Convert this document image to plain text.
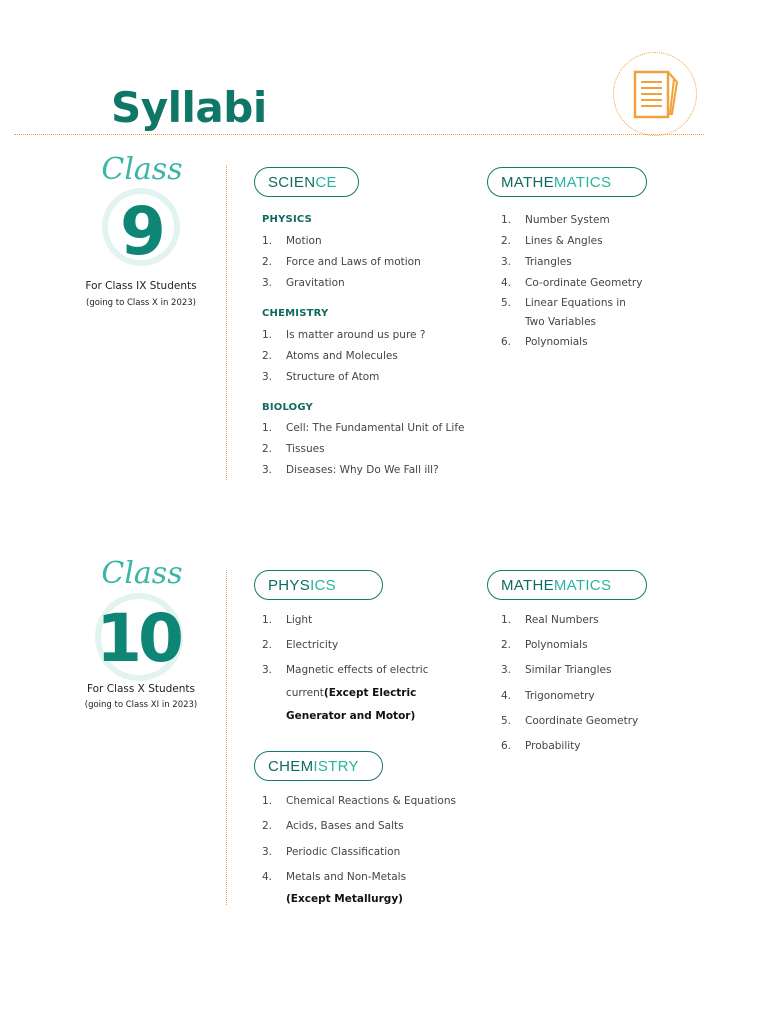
Syllabi
Class
9
For Class IX Students
(going to Class X in 2023)
SCIEN CE
PHYSICS
1.	Motion
2.	Force and Laws of motion
3.	Gravitation
CHEMISTRY
1.	Is matter around us pure ?
2.	Atoms and Molecules
3.	Structure of Atom
BIOLOGY
1.	Cell: The Fundamental Unit of Life
2.	Tissues
3.	Diseases: Why Do We Fall ill?
MATHE MATICS
1.	Number System
2.	Lines & Angles
3.	Triangles
4.	Co-ordinate Geometry
5.	Linear Equations in
Two Variables
6.	Polynomials
Class
10
For Class X Students
(going to Class XI in 2023)
PHYS ICS
1.	Light
2.	Electricity
3.	Magnetic effects of electric
current (Except Electric
Generator and Motor)
CHEM ISTRY
1.	Chemical Reactions & Equations
2.	Acids, Bases and Salts
3.	Periodic Classification
4.	Metals and Non-Metals
(Except Metallurgy)
MATHE MATICS
1.	Real Numbers
2.	Polynomials
3.	Similar Triangles
4.	Trigonometry
5.	Coordinate Geometry
6.	Probability
